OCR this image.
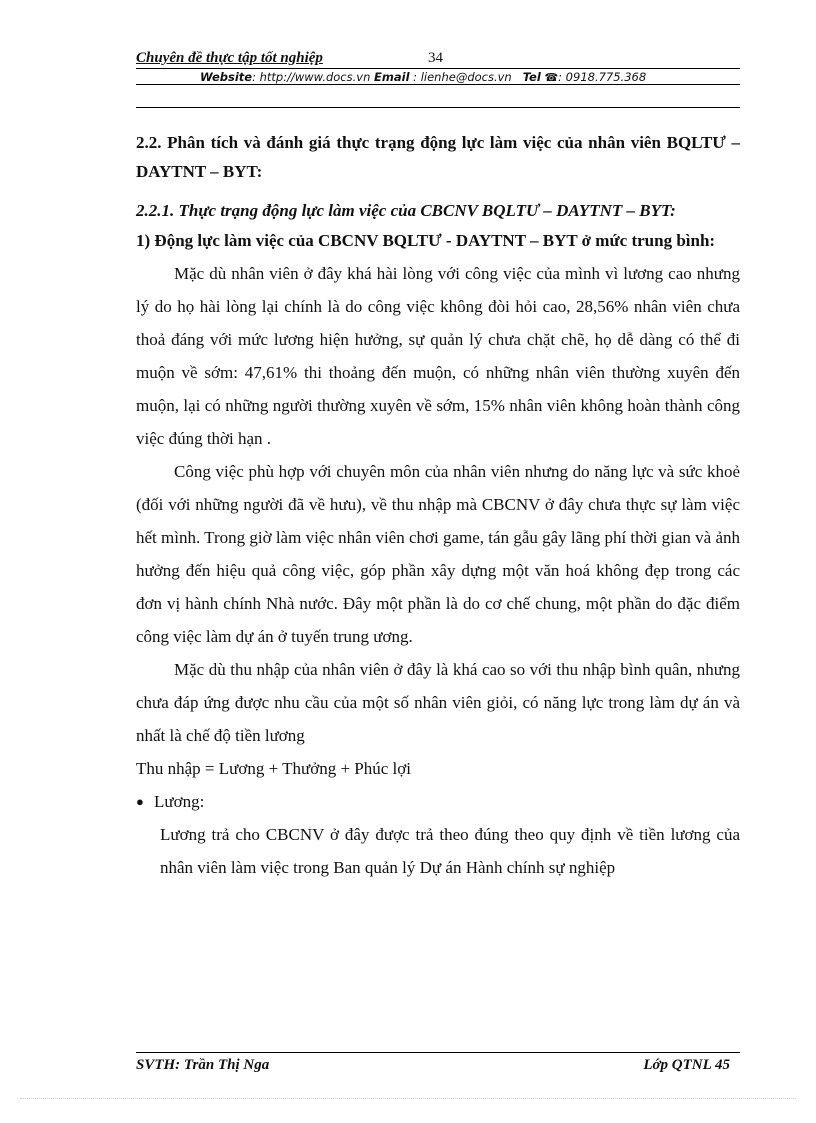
Chuyên đề thực tập tốt nghiệp	34
Website: http://www.docs.vn Email : lienhe@docs.vn Tel ☎: 0918.775.368

2.2. Phân tích và đánh giá thực trạng động lực làm việc của nhân viên BQLTƯ – DAYTNT – BYT:

2.2.1. Thực trạng động lực làm việc của CBCNV BQLTƯ – DAYTNT – BYT:

1) Động lực làm việc của CBCNV BQLTƯ - DAYTNT – BYT ở mức trung bình:

Mặc dù nhân viên ở đây khá hài lòng với công việc của mình vì lương cao nhưng lý do họ hài lòng lại chính là do công việc không đòi hỏi cao, 28,56% nhân viên chưa thoả đáng với mức lương hiện hưởng, sự quản lý chưa chặt chẽ, họ dễ dàng có thể đi muộn về sớm: 47,61% thi thoảng đến muộn, có những nhân viên thường xuyên đến muộn, lại có những người thường xuyên về sớm, 15% nhân viên không hoàn thành công việc đúng thời hạn .

Công việc phù hợp với chuyên môn của nhân viên nhưng do năng lực và sức khoẻ (đối với những người đã về hưu), về thu nhập mà CBCNV ở đây chưa thực sự làm việc hết mình. Trong giờ làm việc nhân viên chơi game, tán gẫu gây lãng phí thời gian và ảnh hưởng đến hiệu quả công việc, góp phần xây dựng một văn hoá không đẹp trong các đơn vị hành chính Nhà nước. Đây một phần là do cơ chế chung, một phần do đặc điểm công việc làm dự án ở tuyến trung ương.

Mặc dù thu nhập của nhân viên ở đây là khá cao so với thu nhập bình quân, nhưng chưa đáp ứng được nhu cầu của một số nhân viên giỏi, có năng lực trong làm dự án và nhất là chế độ tiền lương

Thu nhập = Lương + Thưởng + Phúc lợi

● Lương:

Lương trả cho CBCNV ở đây được trả theo đúng theo quy định về tiền lương của nhân viên làm việc trong Ban quản lý Dự án Hành chính sự nghiệp

SVTH: Trần Thị Nga	Lớp QTNL 45
